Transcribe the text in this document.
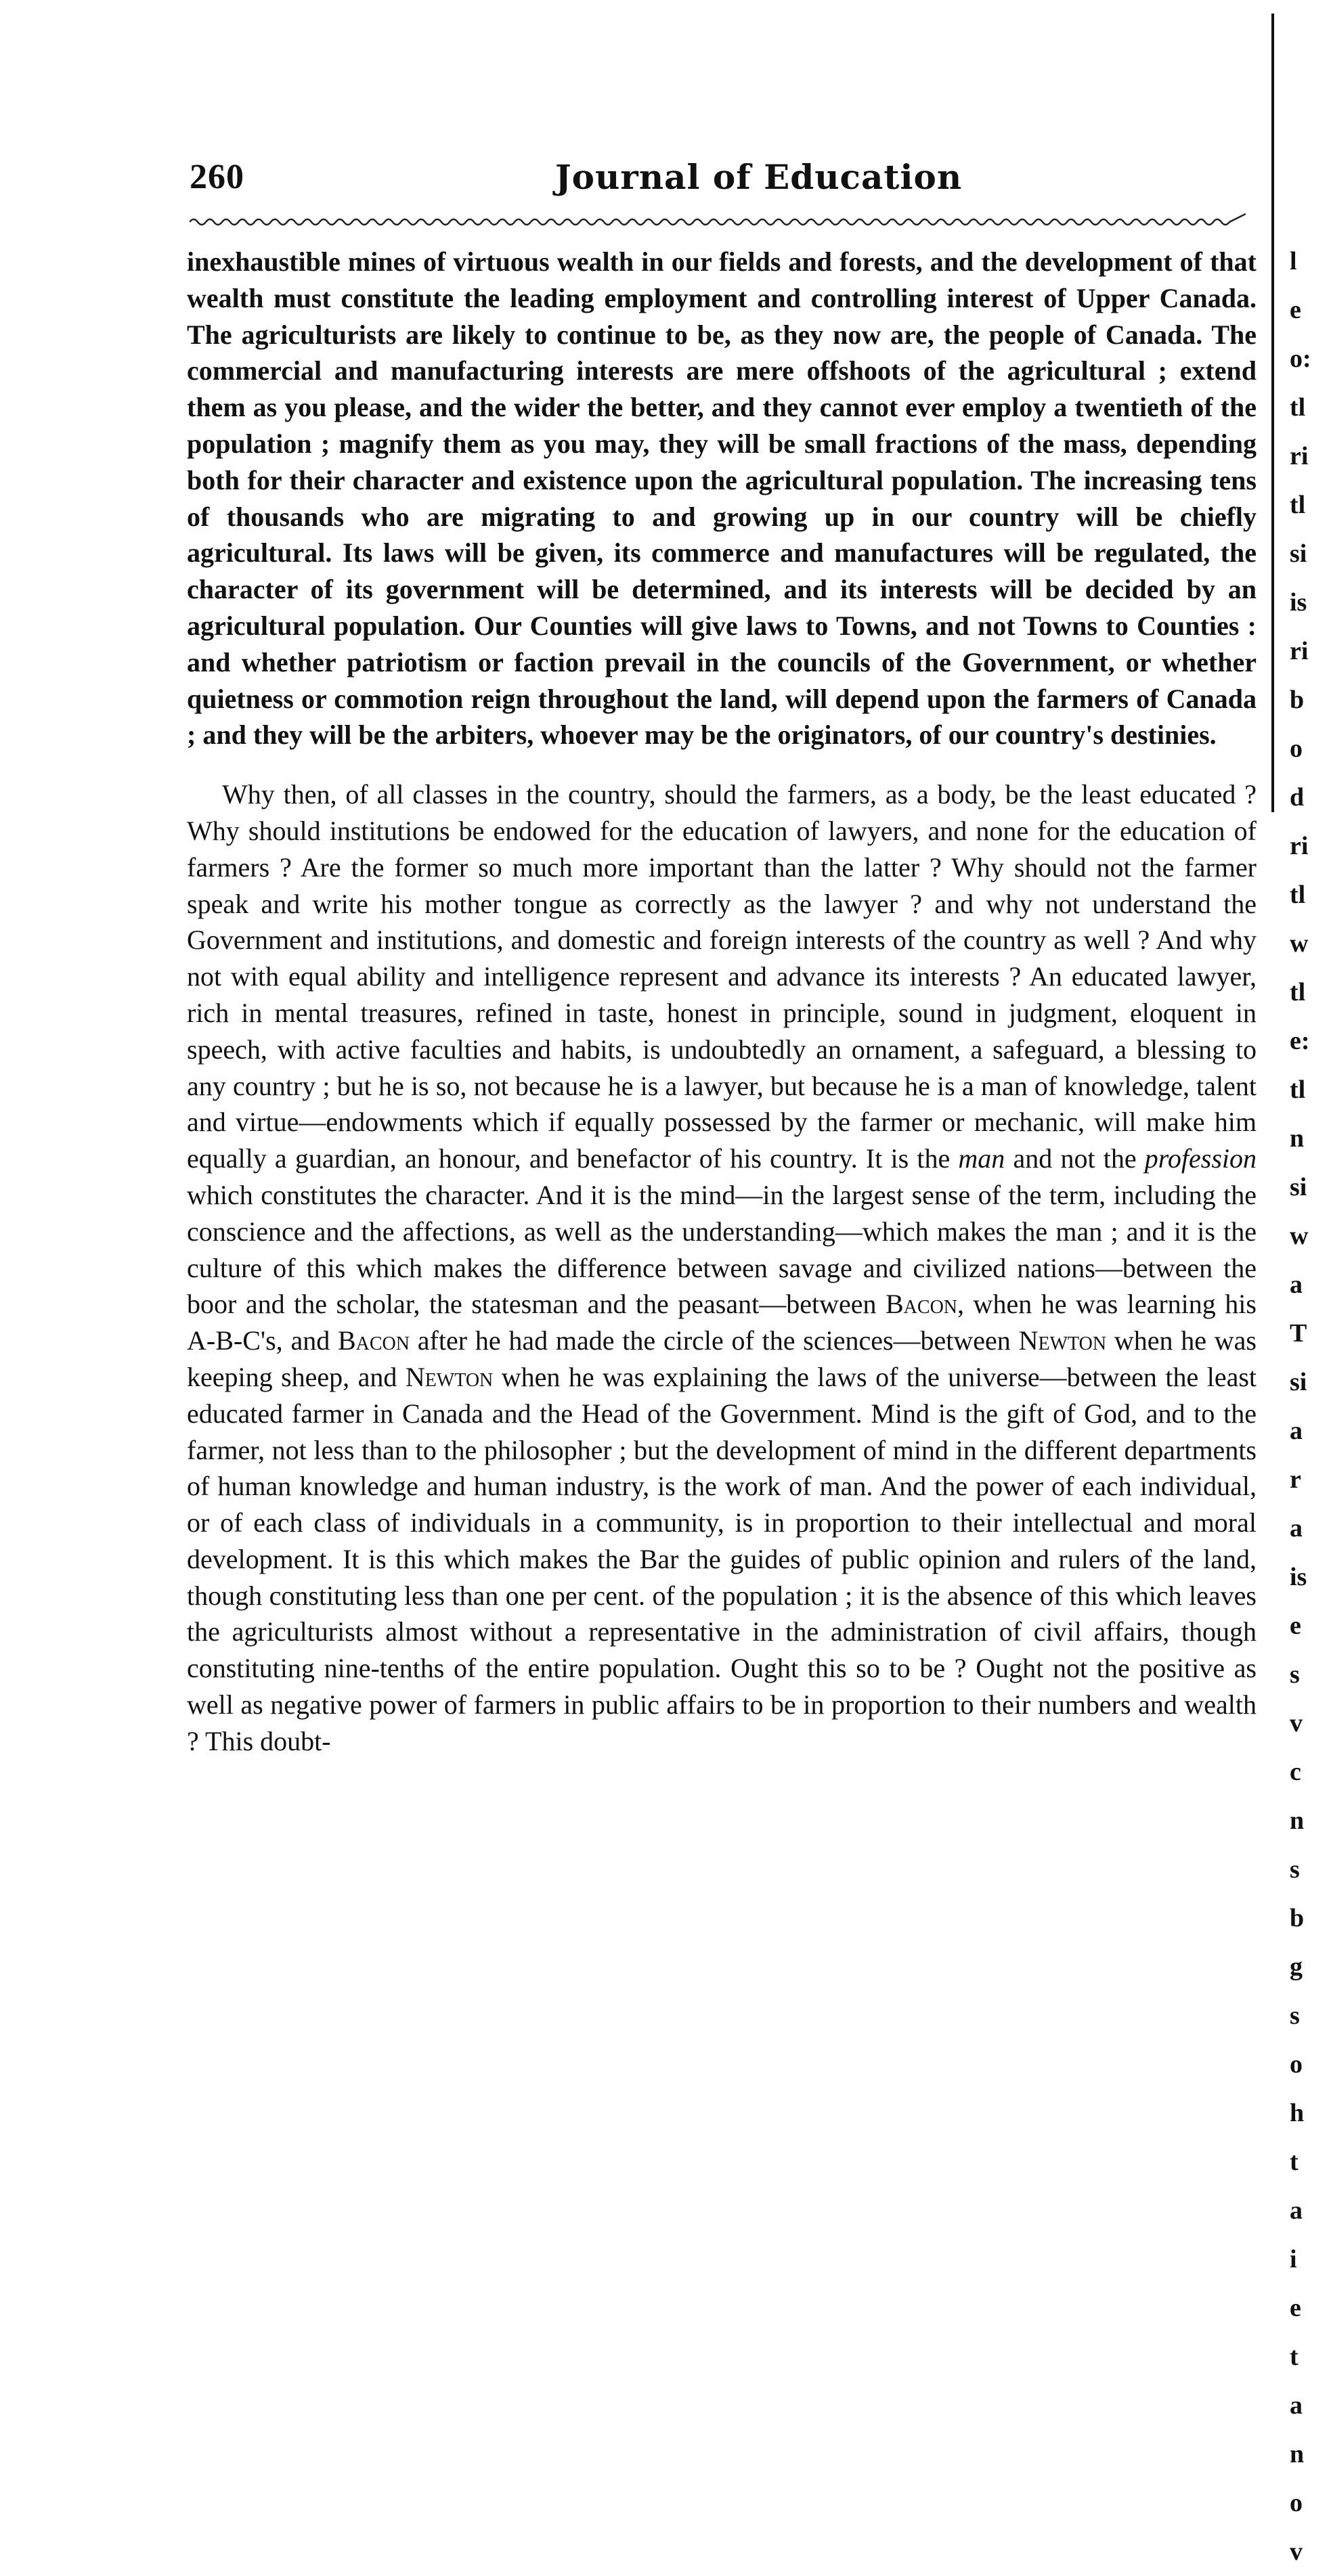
260	Journal of Education

inexhaustible mines of virtuous wealth in our fields and forests, and the development of that wealth must constitute the leading employment and controlling interest of Upper Canada. The agriculturists are likely to continue to be, as they now are, the people of Canada. The commercial and manufacturing interests are mere offshoots of the agricultural ; extend them as you please, and the wider the better, and they cannot ever employ a twentieth of the population ; magnify them as you may, they will be small fractions of the mass, depending both for their character and existence upon the agricultural population. The increasing tens of thousands who are migrating to and growing up in our country will be chiefly agricultural. Its laws will be given, its commerce and manufactures will be regulated, the character of its government will be determined, and its interests will be decided by an agricultural population. Our Counties will give laws to Towns, and not Towns to Counties : and whether patriotism or faction prevail in the councils of the Government, or whether quietness or commotion reign throughout the land, will depend upon the farmers of Canada ; and they will be the arbiters, whoever may be the originators, of our country's destinies.

Why then, of all classes in the country, should the farmers, as a body, be the least educated ? Why should institutions be endowed for the education of lawyers, and none for the education of farmers ? Are the former so much more important than the latter ? Why should not the farmer speak and write his mother tongue as correctly as the lawyer ? and why not understand the Government and institutions, and domestic and foreign interests of the country as well ? And why not with equal ability and intelligence represent and advance its interests ? An educated lawyer, rich in mental treasures, refined in taste, honest in principle, sound in judgment, eloquent in speech, with active faculties and habits, is undoubtedly an ornament, a safeguard, a blessing to any country ; but he is so, not because he is a lawyer, but because he is a man of knowledge, talent and virtue—endowments which if equally possessed by the farmer or mechanic, will make him equally a guardian, an honour, and benefactor of his country. It is the man and not the profession which constitutes the character. And it is the mind—in the largest sense of the term, including the conscience and the affections, as well as the understanding—which makes the man ; and it is the culture of this which makes the difference between savage and civilized nations—between the boor and the scholar, the statesman and the peasant—between Bacon, when he was learning his A-B-C's, and Bacon after he had made the circle of the sciences—between Newton when he was keeping sheep, and Newton when he was explaining the laws of the universe—between the least educated farmer in Canada and the Head of the Government. Mind is the gift of God, and to the farmer, not less than to the philosopher ; but the development of mind in the different departments of human knowledge and human industry, is the work of man. And the power of each individual, or of each class of individuals in a community, is in proportion to their intellectual and moral development. It is this which makes the Bar the guides of public opinion and rulers of the land, though constituting less than one per cent. of the population ; it is the absence of this which leaves the agriculturists almost without a representative in the administration of civil affairs, though constituting nine-tenths of the entire population. Ought this so to be ? Ought not the positive as well as negative power of farmers in public affairs to be in proportion to their numbers and wealth ? This doubt-

l
e
o:
tl
ri
tl
si
is
ri
b
o
d
ri
tl
w
tl
e:
tl
n
si
w
a
T
si
a
r
a
is
e
s
v
c
n
s
b
g
s
o
h
t
a
i
e
t
a
n
o
v
